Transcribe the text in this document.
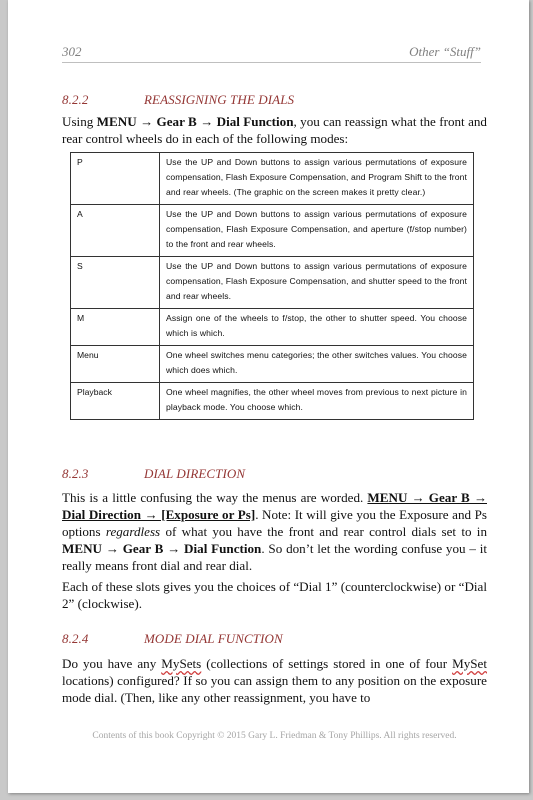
302	Other “Stuff”
8.2.2	REASSIGNING THE DIALS
Using MENU → Gear B → Dial Function, you can reassign what the front and rear control wheels do in each of the following modes:
P	Use the UP and Down buttons to assign various permutations of exposure compensation, Flash Exposure Compensation, and Program Shift to the front and rear wheels. (The graphic on the screen makes it pretty clear.)
A	Use the UP and Down buttons to assign various permutations of exposure compensation, Flash Exposure Compensation, and aperture (f/stop number) to the front and rear wheels.
S	Use the UP and Down buttons to assign various permutations of exposure compensation, Flash Exposure Compensation, and shutter speed to the front and rear wheels.
M	Assign one of the wheels to f/stop, the other to shutter speed. You choose which is which.
Menu	One wheel switches menu categories; the other switches values. You choose which does which.
Playback	One wheel magnifies, the other wheel moves from previous to next picture in playback mode. You choose which.
8.2.3	DIAL DIRECTION
This is a little confusing the way the menus are worded. MENU → Gear B → Dial Direction → [Exposure or Ps]. Note: It will give you the Exposure and Ps options regardless of what you have the front and rear control dials set to in MENU → Gear B → Dial Function. So don’t let the wording confuse you – it really means front dial and rear dial.
Each of these slots gives you the choices of “Dial 1” (counterclockwise) or “Dial 2” (clockwise).
8.2.4	MODE DIAL FUNCTION
Do you have any MySets (collections of settings stored in one of four MySet locations) configured? If so you can assign them to any position on the exposure mode dial. (Then, like any other reassignment, you have to
Contents of this book Copyright © 2015 Gary L. Friedman & Tony Phillips. All rights reserved.
